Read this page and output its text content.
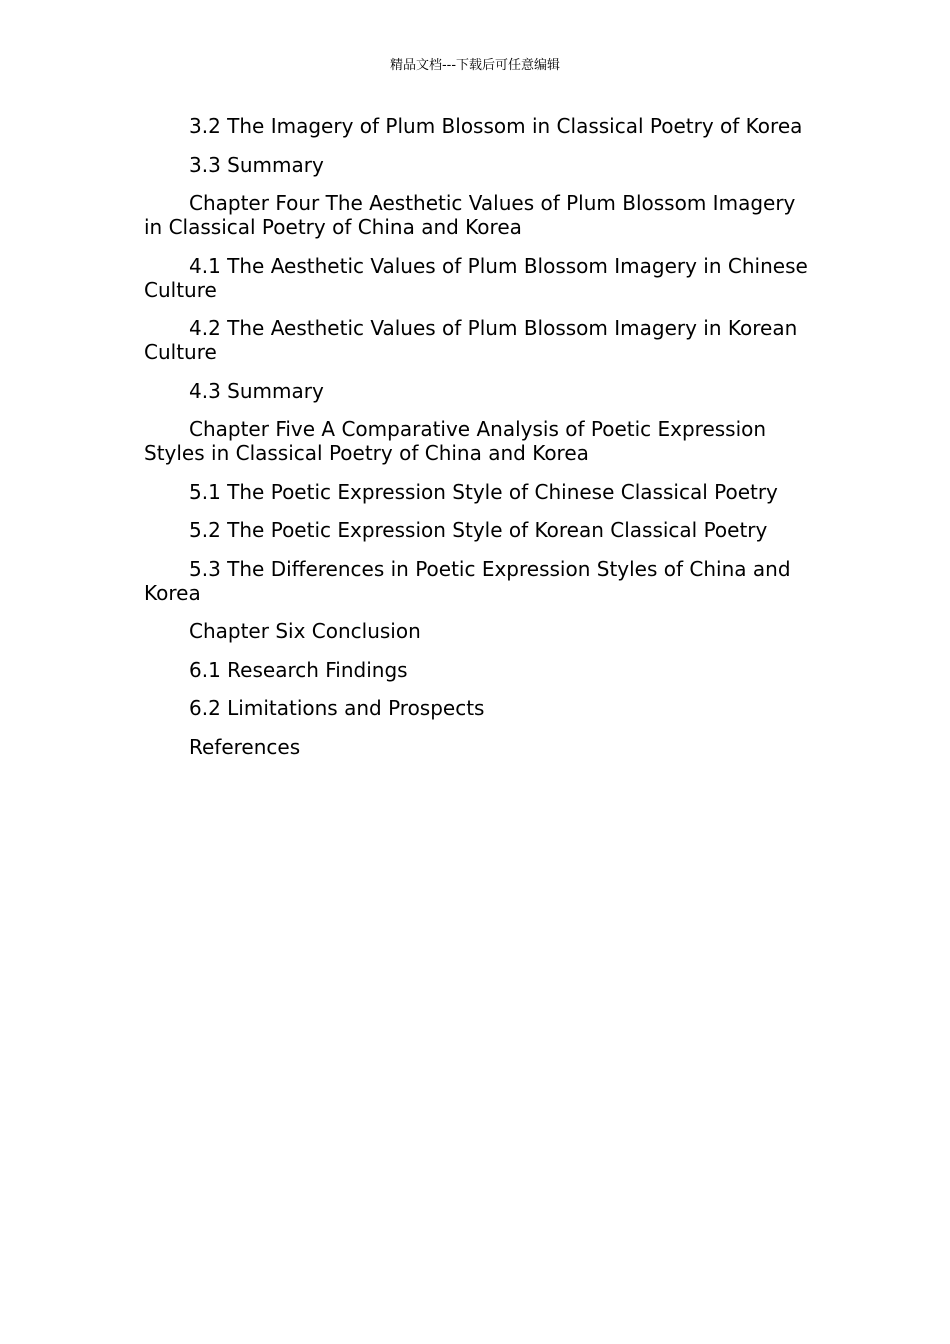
精品文档---下载后可任意编辑
3.2 The Imagery of Plum Blossom in Classical Poetry of Korea
3.3 Summary
Chapter Four The Aesthetic Values of Plum Blossom Imagery in Classical Poetry of China and Korea
4.1 The Aesthetic Values of Plum Blossom Imagery in Chinese Culture
4.2 The Aesthetic Values of Plum Blossom Imagery in Korean Culture
4.3 Summary
Chapter Five A Comparative Analysis of Poetic Expression Styles in Classical Poetry of China and Korea
5.1 The Poetic Expression Style of Chinese Classical Poetry
5.2 The Poetic Expression Style of Korean Classical Poetry
5.3 The Differences in Poetic Expression Styles of China and Korea
Chapter Six Conclusion
6.1 Research Findings
6.2 Limitations and Prospects
References
